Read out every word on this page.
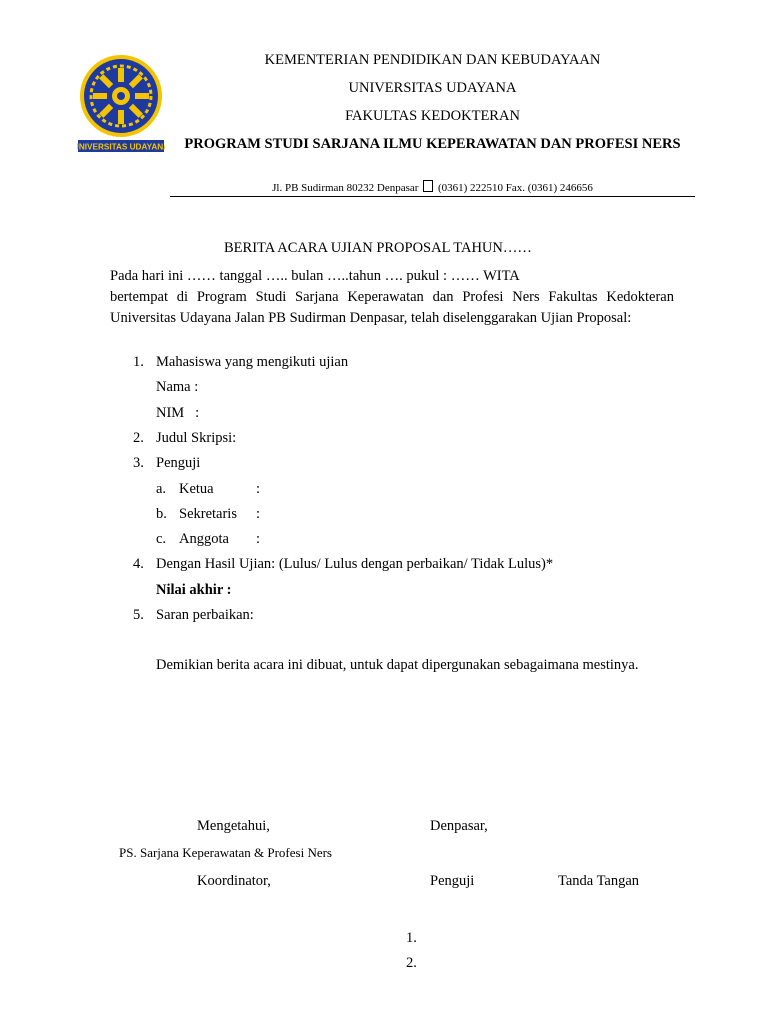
UNIVERSITAS UDAYANA
KEMENTERIAN PENDIDIKAN DAN KEBUDAYAAN
UNIVERSITAS UDAYANA
FAKULTAS KEDOKTERAN
PROGRAM STUDI SARJANA ILMU KEPERAWATAN DAN PROFESI NERS
Jl. PB Sudirman 80232 Denpasar (0361) 222510 Fax. (0361) 246656
BERITA ACARA UJIAN PROPOSAL TAHUN……
Pada hari ini …… tanggal ….. bulan …..tahun …. pukul : …… WITA
bertempat di Program Studi Sarjana Keperawatan dan Profesi Ners Fakultas Kedokteran
Universitas Udayana Jalan PB Sudirman Denpasar, telah diselenggarakan Ujian Proposal:
1. Mahasiswa yang mengikuti ujian
Nama :
NIM   :
2. Judul Skripsi:
3. Penguji
a. Ketua	:
b. Sekretaris :
c. Anggota :
4. Dengan Hasil Ujian: (Lulus/ Lulus dengan perbaikan/ Tidak Lulus)*
Nilai akhir :
5. Saran perbaikan:
Demikian berita acara ini dibuat, untuk dapat dipergunakan sebagaimana mestinya.
Mengetahui,	Denpasar,
PS. Sarjana Keperawatan & Profesi Ners
Koordinator,	Penguji	Tanda Tangan
1.
2.
